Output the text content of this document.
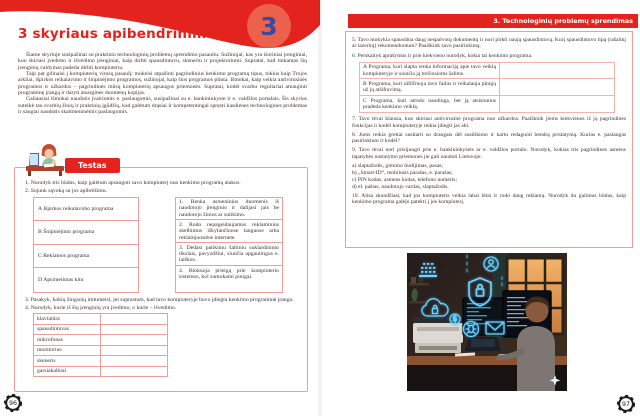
3
3 skyriaus apibendrinimas

Šiame skyriuje susipažinai su praktiniu technologinių problemų sprendimo pasauliu. Sužinojai, kas yra išoriniai įrenginiai, kuo skiriasi įvedimo ir išvedimo įrenginiai, kaip dirbti spausdintuvu, skeneriu ir projektoriumi. Supratai, kad tinkamas šių įrenginių valdymas padeda dirbti kompiuteriu.

Taip pat gilinaisi į kompiuterių virusų pasaulį: mokeisi atpažinti pagrindinius kenkimo programų tipus, tokius kaip Trojos arkliai, išpirkos reikalavimo ir šnipinėjimo programos, sužinojai, kaip šios programos plinta. Išmokai, kaip veikia antivirusinės programos ir užkardos – pagrindinės mūsų kompiuterių apsaugos priemonės. Supratai, kodėl svarbu reguliariai atnaujinti programinę įrangą ir daryti atsargines duomenų kopijas.

Galiausiai išmokai naudotis įvairiomis e. paslaugomis, susipažinai su e. bankininkyste ir e. valdžios portalais. Šis skyrius suteikė tau svarbių žinių ir praktinių įgūdžių, kad galėtum drąsiai ir kompetentingai spręsti kasdienes technologines problemas ir saugiai naudotis skaitmeninėmis paslaugomis.

Testas
1. Nurodyk tris būdus, kaip galėtum apsaugoti savo kompiuterį nuo kenkimo programų atakos.
2. Sujunk sąvoką su jos apibrėžimu.
A Išpirkos reikalavimo programa
B Šnipinėjimo programa
C Reklamos programa
D Apsimetimas kitu
1. Renka asmeninius duomenis iš naudotojo įrenginio ir dalijasi jais be naudotojo žinios ar sutikimo.
2. Rodo nepageidaujamus reklaminius skelbimus iškylančiuose languose arba reklamjuostėse internete.
3. Dedasi patikimu šaltiniu suklaidinimo tikslais, pavyzdžiui, siunčia apgaulingus e. laiškus.
4. Blokuoja prieigą prie kompiuterio sistemos, kol sumokami pinigai.
3. Pasakyk, kokių žingsnių imtumeisi, jei suprastum, kad tavo kompiuteryje buvo įdiegta kenkimo programinė įranga.
4. Nurodyk, kurie iš šių įrenginių yra įvedimo, o kurie – išvedimo.
klaviatūra
spausdintuvas
mikrofonas
monitorius
skeneris
garsiakalbiai
96
3. Technologinių problemų sprendimas
5. Tavo mokykla spausdina daug nespalvotų dokumentų ir nori pirkti naują spausdintuvą. Kurį spausdintuvo tipą (rašalinį ar lazerinį) rekomenduotum? Paaiškink savo pasirinkimą.
6. Perskaityk aprašymus ir prie kiekvieno nurodyk, kokia tai kenkimo programa.
A Programa, kuri slapta renka informaciją apie tavo veiklą kompiuteryje ir siunčia ją trečiosioms šalims.
B Programa, kuri užšifruoja tavo failus ir reikalauja pinigų už jų atšifravimą.
C Programa, kuri atrodo naudinga, bet ją atsisiuntus pradeda kenkimo veiklą.
7. Tavo tėvai klausia, kuo skiriasi antivirusinė programa nuo užkardos. Paaiškink jiems kiekvienos iš jų pagrindines funkcijas ir kodėl kompiuteryje reikia įdiegti jas abi.
8. Jums reikia greitai susitarti su draugais dėl susitikimo ir kartu redaguoti bendrą pristatymą. Kurias e. paslaugas pasirinktum ir kodėl?
9. Tavo tėvai nori prisijungti prie e. bankininkystės ar e. valdžios portalo. Nurodyk, kokias tris pagrindines asmens tapatybės nustatymo priemones jie gali naudoti Lietuvoje:
a) slaptažodis, gimimo liudijimas, pasas;
b) „Smart-ID“, mobilusis parašas, e. parašas;
c) PIN kodas, asmens kodas, telefono numeris;
d) el. paštas, naudotojo vardas, slaptažodis.
10. Alisa skundžiasi, kad jos kompiuteris veikia labai lėtai ir rodo daug reklamų. Nurodyk du galimus būdus, kaip kenkimo programa galėjo patekti į jos kompiuterį.
97
